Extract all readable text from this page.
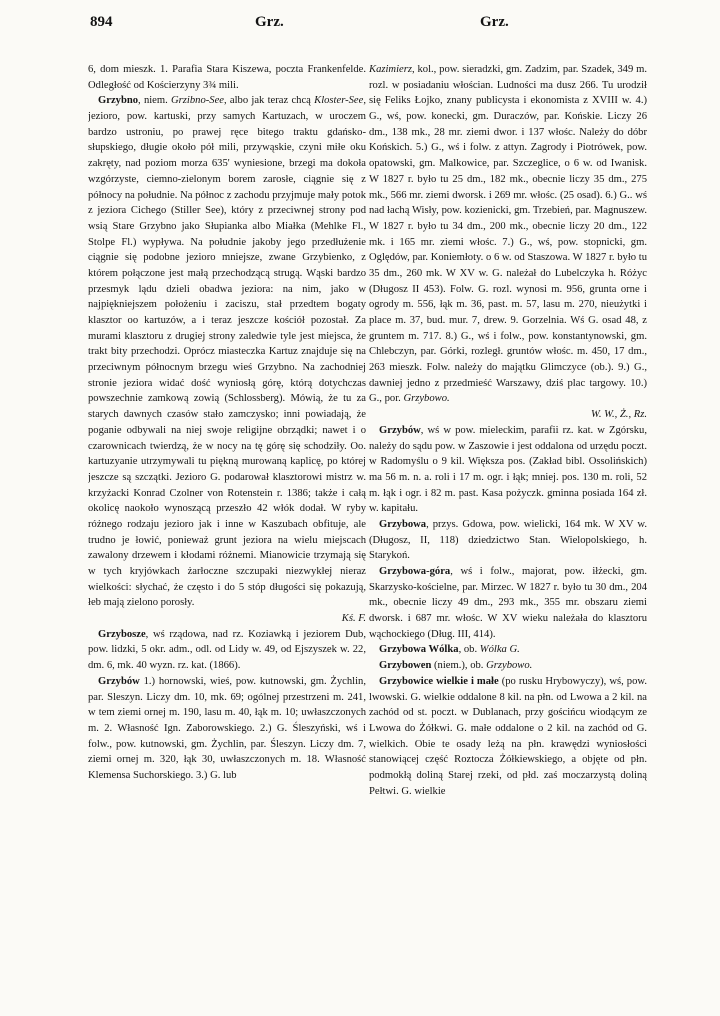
894	Grz.	Grz.

6, dom mieszk. 1. Parafia Stara Kiszewa, poczta Frankenfelde. Odległość od Kościerzyny 3¾ mili.

Grzybno, niem. Grzibno-See, albo jak teraz chcą Kloster-See, jezioro, pow. kartuski, przy samych Kartuzach, w uroczem bardzo ustroniu, po prawej ręce bitego traktu gdańsko-słupskiego, długie około pół mili, przywąskie, czyni miłe oku zakręty, nad poziom morza 635' wyniesione, brzegi ma dokoła wzgórzyste, ciemno-zielonym borem zarosłe, ciągnie się z północy na południe. Na północ z zachodu przyjmuje mały potok z jeziora Cichego (Stiller See), który z przeciwnej strony pod wsią Stare Grzybno jako Słupianka albo Miałka (Mehlke Fl., Stolpe Fl.) wypływa. Na południe jakoby jego przedłużenie ciągnie się podobne jezioro mniejsze, zwane Grzybienko, z którem połączone jest małą przechodzącą strugą. Wąski bardzo przesmyk lądu dzieli obadwa jeziora: na nim, jako w najpiękniejszem położeniu i zaciszu, stał przedtem bogaty klasztor oo kartuzów, a i teraz jeszcze kościół pozostał. Za murami klasztoru z drugiej strony zaledwie tyle jest miejsca, że trakt bity przechodzi. Oprócz miasteczka Kartuz znajduje się na przeciwnym północnym brzegu wieś Grzybno. Na zachodniej stronie jeziora widać dość wyniosłą górę, którą dotychczas powszechnie zamkową zowią (Schlossberg). Mówią, że tu za starych dawnych czasów stało zamczysko; inni powiadają, że poganie odbywali na niej swoje religijne obrządki; nawet i o czarownicach twierdzą, że w nocy na tę górę się schodziły. Oo. kartuzyanie utrzymywali tu piękną murowaną kaplicę, po której jeszcze są szczątki. Jezioro G. podarował klasztorowi mistrz w. krzyżacki Konrad Czolner von Rotenstein r. 1386; także i całą okolicę naokoło wynoszącą przeszło 42 włók dodał. W ryby różnego rodzaju jezioro jak i inne w Kaszubach obfituje, ale trudno je łowić, ponieważ grunt jeziora na wielu miejscach zawalony drzewem i kłodami różnemi. Mianowicie trzymają się w tych kryjówkach żarłoczne szczupaki niezwykłej nieraz wielkości: słychać, że często i do 5 stóp długości się pokazują, łeb mają zielono porosły.

Kś. F.

Grzybosze, wś rządowa, nad rz. Koziawką i jeziorem Dub, pow. lidzki, 5 okr. adm., odl. od Lidy w. 49, od Ejszyszek w. 22, dm. 6, mk. 40 wyzn. rz. kat. (1866).

Grzybów 1.) hornowski, wieś, pow. kutnowski, gm. Żychlin, par. Sleszyn. Liczy dm. 10, mk. 69; ogólnej przestrzeni m. 241, w tem ziemi ornej m. 190, lasu m. 40, łąk m. 10; uwłaszczonych m. 2. Własność Ign. Zaborowskiego. 2.) G. Śleszyński, wś i folw., pow. kutnowski, gm. Żychlin, par. Śleszyn. Liczy dm. 7, ziemi ornej m. 320, łąk 30, uwłaszczonych m. 18. Własność Klemensa Suchorskiego. 3.) G. lub

Kazimierz, kol., pow. sieradzki, gm. Zadzim, par. Szadek, 349 m. rozl. w posiadaniu włościan. Ludności ma dusz 266. Tu urodził się Feliks Łojko, znany publicysta i ekonomista z XVIII w. 4.) G., wś, pow. konecki, gm. Duraczów, par. Końskie. Liczy 26 dm., 138 mk., 28 mr. ziemi dwor. i 137 włośc. Należy do dóbr Końskich. 5.) G., wś i folw. z attyn. Zagrody i Piotrówek, pow. opatowski, gm. Malkowice, par. Szczeglice, o 6 w. od Iwanisk. W 1827 r. było tu 25 dm., 182 mk., obecnie liczy 35 dm., 275 mk., 566 mr. ziemi dworsk. i 269 mr. włośc. (25 osad). 6.) G.. wś nad łachą Wisły, pow. kozienicki, gm. Trzebień, par. Magnuszew. W 1827 r. było tu 34 dm., 200 mk., obecnie liczy 20 dm., 122 mk. i 165 mr. ziemi włośc. 7.) G., wś, pow. stopnicki, gm. Oględów, par. Koniemłoty. o 6 w. od Staszowa. W 1827 r. było tu 35 dm., 260 mk. W XV w. G. należał do Lubelczyka h. Różyc (Długosz II 453). Folw. G. rozl. wynosi m. 956, grunta orne i ogrody m. 556, łąk m. 36, past. m. 57, lasu m. 270, nieużytki i place m. 37, bud. mur. 7, drew. 9. Gorzelnia. Wś G. osad 48, z gruntem m. 717. 8.) G., wś i folw., pow. konstantynowski, gm. Chlebczyn, par. Górki, rozległ. gruntów włośc. m. 450, 17 dm., 263 mieszk. Folw. należy do majątku Glimczyce (ob.). 9.) G., dawniej jedno z przedmieść Warszawy, dziś plac targowy. 10.) G., por. Grzybowo.

W. W., Ż., Rz.

Grzybów, wś w pow. mieleckim, parafii rz. kat. w Zgórsku, należy do sądu pow. w Zaszowie i jest oddalona od urzędu poczt. w Radomyślu o 9 kil. Większa pos. (Zakład bibl. Ossolińskich) ma 56 m. n. a. roli i 17 m. ogr. i łąk; mniej. pos. 130 m. roli, 52 m. łąk i ogr. i 82 m. past. Kasa pożyczk. gminna posiada 164 zł. w. kapitału.

Grzybowa, przys. Gdowa, pow. wielicki, 164 mk. W XV w. (Długosz, II, 118) dziedzictwo Stan. Wielopolskiego, h. Starykoń.

Grzybowa-góra, wś i folw., majorat, pow. iłżecki, gm. Skarzysko-kościelne, par. Mirzec. W 1827 r. było tu 30 dm., 204 mk., obecnie liczy 49 dm., 293 mk., 355 mr. obszaru ziemi dworsk. i 687 mr. włośc. W XV wieku należała do klasztoru wąchockiego (Dług. III, 414).

Grzybowa Wólka, ob. Wólka G.

Grzybowen (niem.), ob. Grzybowo.

Grzybowice wielkie i małe (po rusku Hrybowyczy), wś, pow. lwowski. G. wielkie oddalone 8 kil. na płn. od Lwowa a 2 kil. na zachód od st. poczt. w Dublanach, przy gościńcu wiodącym ze Lwowa do Żółkwi. G. małe oddalone o 2 kil. na zachód od G. wielkich. Obie te osady leżą na płn. krawędzi wyniosłości stanowiącej część Roztocza Żółkiewskiego, a objęte od płn. podmokłą doliną Starej rzeki, od płd. zaś moczarzystą doliną Pełtwi. G. wielkie
